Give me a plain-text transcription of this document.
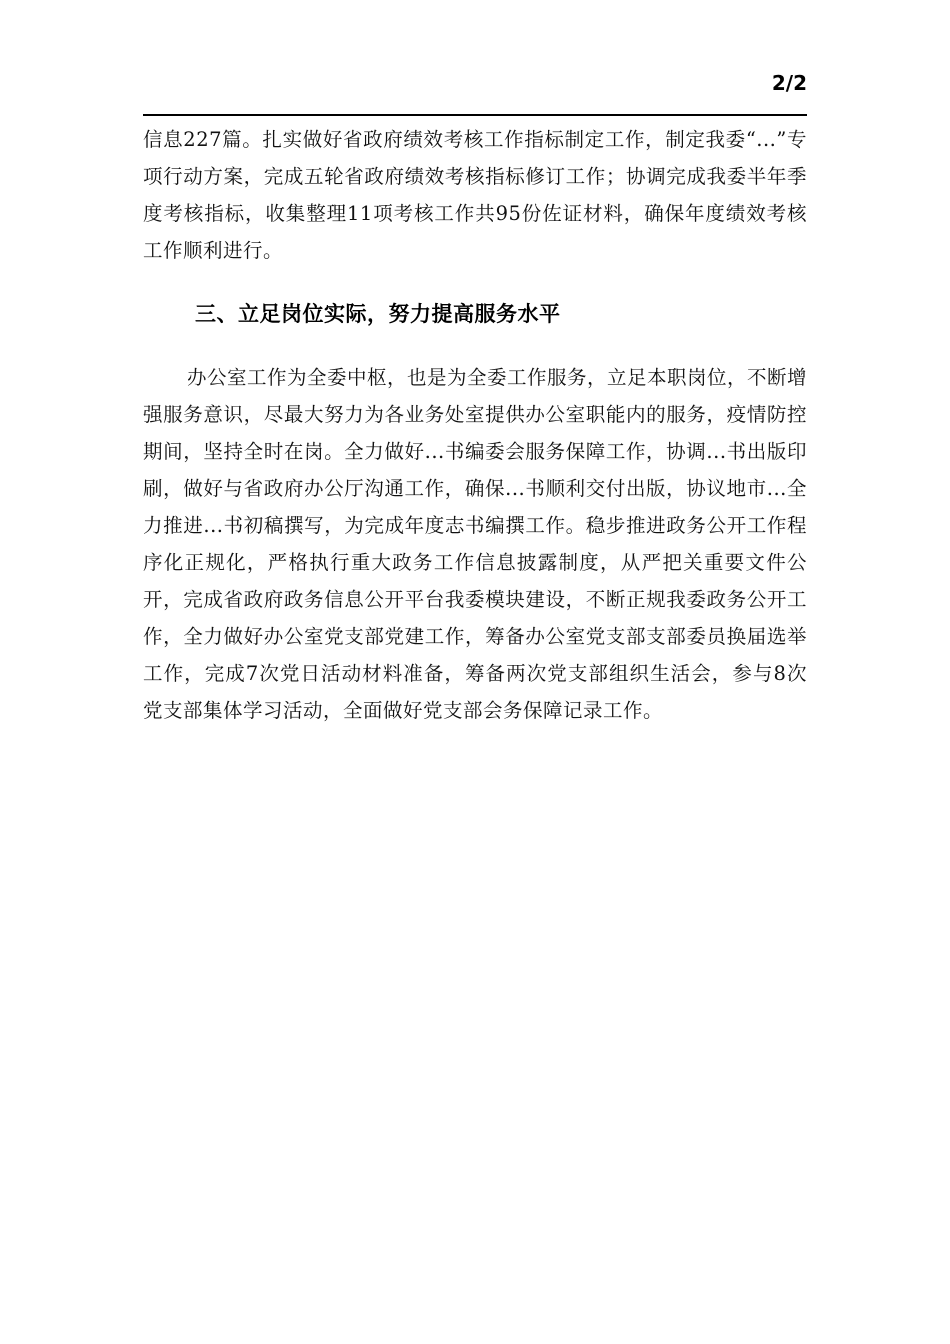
2/2

信息227篇。扎实做好省政府绩效考核工作指标制定工作，制定我委“...”专项行动方案，完成五轮省政府绩效考核指标修订工作；协调完成我委半年季度考核指标，收集整理11项考核工作共95份佐证材料，确保年度绩效考核工作顺利进行。

三、立足岗位实际，努力提高服务水平

办公室工作为全委中枢，也是为全委工作服务，立足本职岗位，不断增强服务意识，尽最大努力为各业务处室提供办公室职能内的服务，疫情防控期间，坚持全时在岗。全力做好...书编委会服务保障工作，协调...书出版印刷，做好与省政府办公厅沟通工作，确保...书顺利交付出版，协议地市...全力推进...书初稿撰写，为完成年度志书编撰工作。稳步推进政务公开工作程序化正规化，严格执行重大政务工作信息披露制度，从严把关重要文件公开，完成省政府政务信息公开平台我委模块建设，不断正规我委政务公开工作，全力做好办公室党支部党建工作，筹备办公室党支部支部委员换届选举工作，完成7次党日活动材料准备，筹备两次党支部组织生活会，参与8次党支部集体学习活动，全面做好党支部会务保障记录工作。
